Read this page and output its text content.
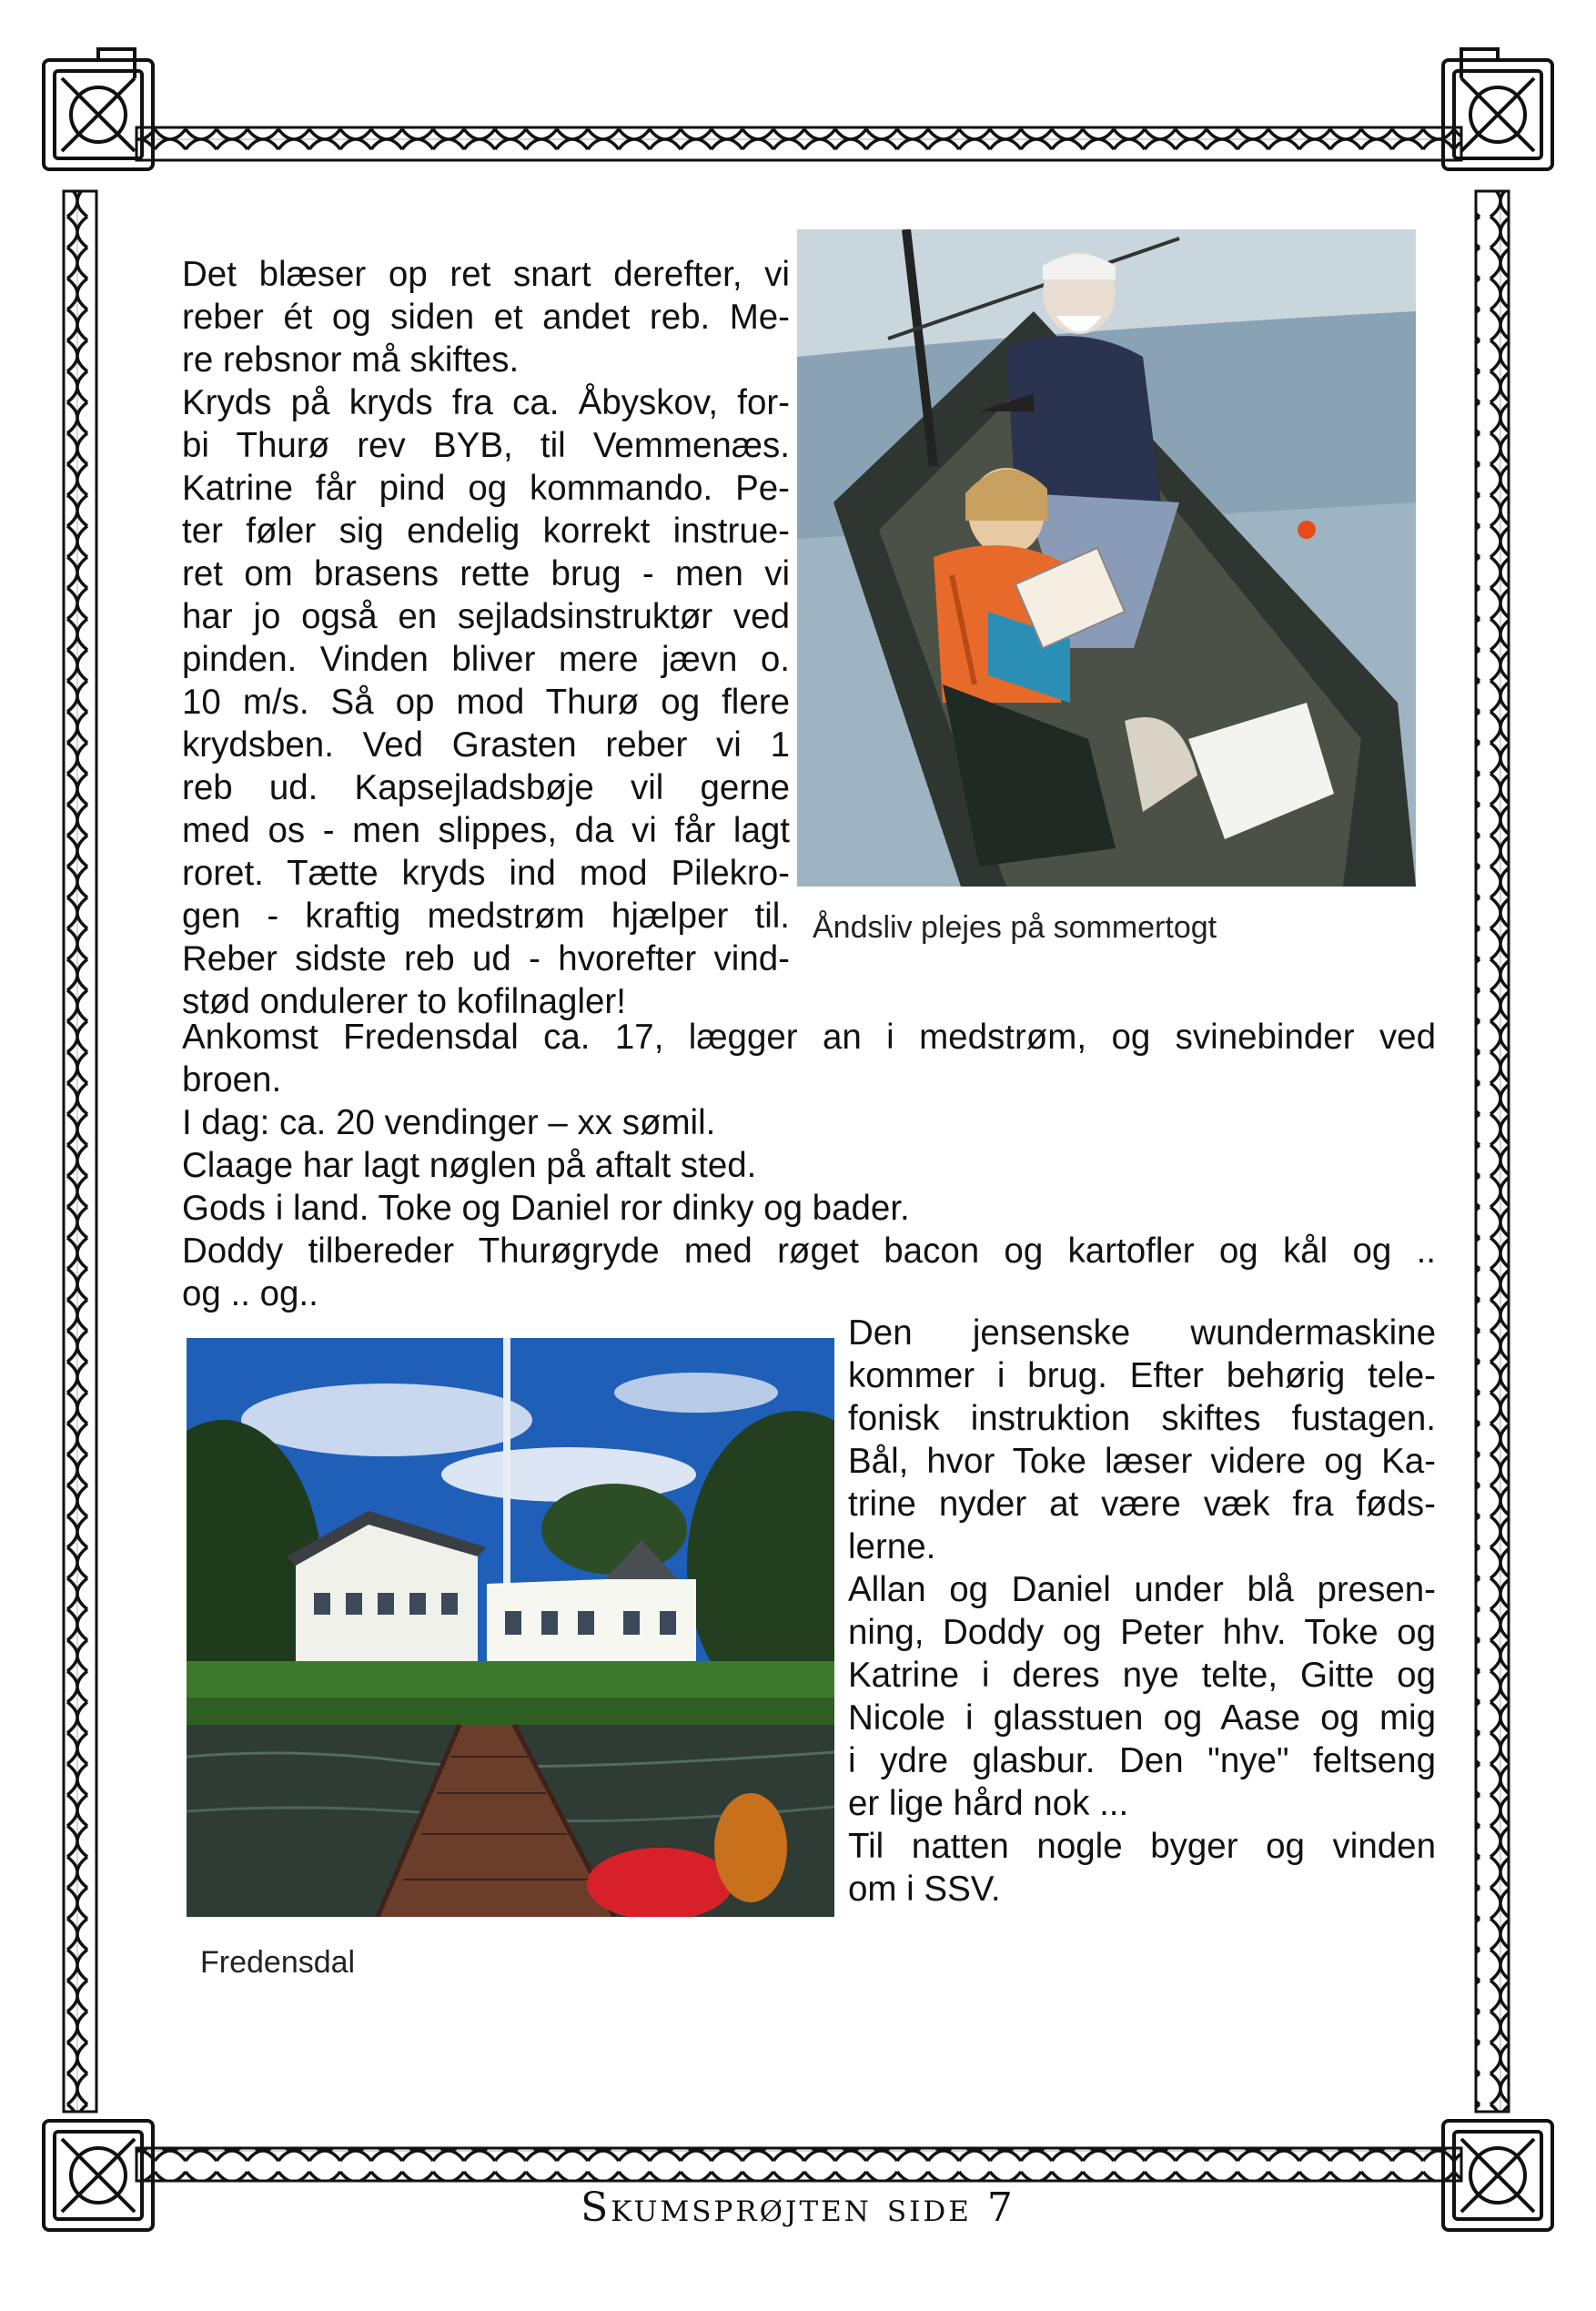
Det blæser op ret snart derefter, vi
reber ét og siden et andet reb. Me-
re rebsnor må skiftes.
Kryds på kryds fra ca. Åbyskov, for-
bi Thurø rev BYB, til Vemmenæs.
Katrine får pind og kommando. Pe-
ter føler sig endelig korrekt instrue-
ret om brasens rette brug - men vi
har jo også en sejladsinstruktør ved
pinden. Vinden bliver mere jævn o.
10 m/s. Så op mod Thurø og flere
krydsben. Ved Grasten reber vi 1
reb ud. Kapsejladsbøje vil gerne
med os - men slippes, da vi får lagt
roret. Tætte kryds ind mod Pilekro-
gen - kraftig medstrøm hjælper til.
Reber sidste reb ud - hvorefter vind-
stød ondulerer to kofilnagler!
Åndsliv plejes på sommertogt
Ankomst Fredensdal ca. 17, lægger an i medstrøm, og svinebinder ved
broen.
I dag: ca. 20 vendinger – xx sømil.
Claage har lagt nøglen på aftalt sted.
Gods i land. Toke og Daniel ror dinky og bader.
Doddy tilbereder Thurøgryde med røget bacon og kartofler og kål og ..
og .. og..
Fredensdal
Den jensenske wundermaskine
kommer i brug. Efter behørig tele-
fonisk instruktion skiftes fustagen.
Bål, hvor Toke læser videre og Ka-
trine nyder at være væk fra føds-
lerne.
Allan og Daniel under blå presen-
ning, Doddy og Peter hhv. Toke og
Katrine i deres nye telte, Gitte og
Nicole i glasstuen og Aase og mig
i ydre glasbur. Den "nye" feltseng
er lige hård nok ...
Til natten nogle byger og vinden
om i SSV.
Skumsprøjten side 7
